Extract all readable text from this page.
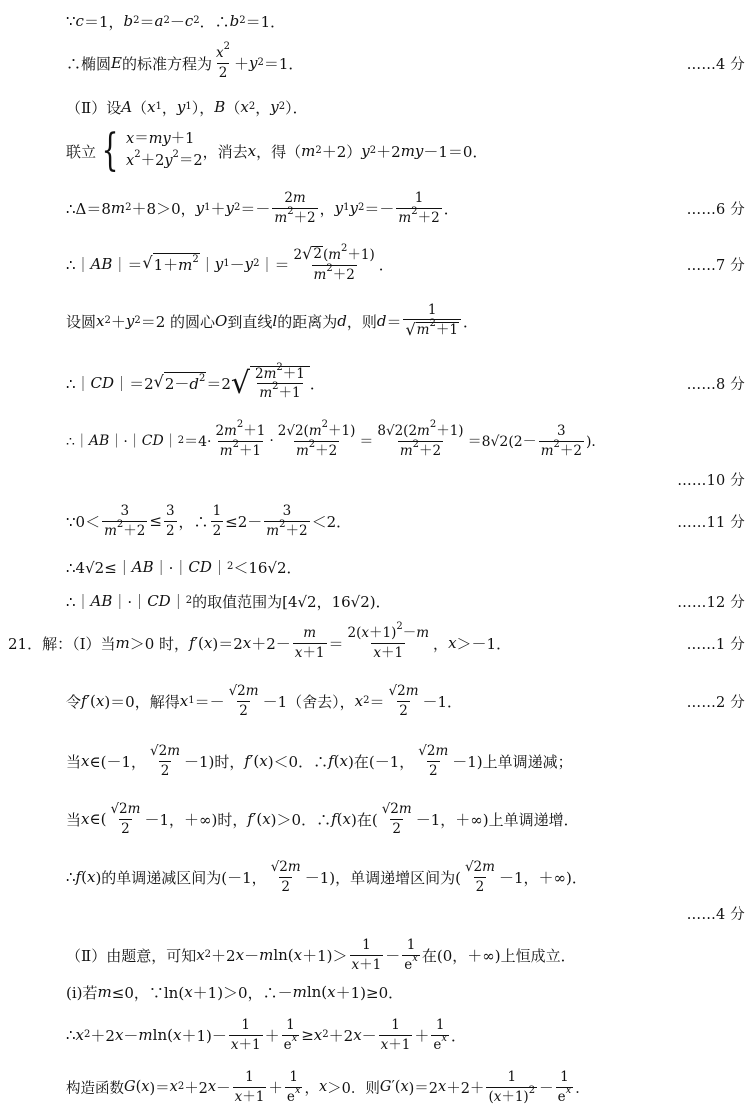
∵ c ＝1， b 2 ＝ a 2 － c 2 ．∴ b 2 ＝1．
∴椭圆 E 的标准方程为 $\frac{x^2}{2} + y$ 2 ＝1．	……4 分
（Ⅱ）设 A （ x 1 ， y 1 ）， B （ x 2 ， y 2 ）．
联立 { x＝my＋1
$x^2+2y^2=2$
，消去 x ，得（ m 2 ＋2） y 2 ＋2 my －1＝0．
∴Δ＝8 m 2 ＋8＞0， y 1 ＋ y $2 =- \frac{2m}{m^2+2}$ ， y 1 y $2 =- \frac{1}{m^2+2}$ ．	……6 分
∴｜ AB ｜＝ √ $1+m^2$ ｜ y 1 － y 2 ｜＝ $\frac{2 √ 2 (m^2+1)}{m^2+2}$ ．	……7 分
设圆 x 2 ＋ y 2 ＝2 的圆心 O 到直线 l 的距离为 d ，则 $d = \frac{1}{√ m^2+1}$ ．
∴｜ CD ｜＝2 √ $2-d^2 =2$ √ $\frac{2m^2+1}{m^2+1}$ ．	……8 分
∴｜ AB ｜·｜ CD ｜ $2 =4\cdot \frac{2m^2+1}{m^2+1} \cdot \frac{2√2(m^2+1)}{m^2+2} = \frac{8√2(2m^2+1)}{m^2+2} =8√2(2- \frac{3}{m^2+2}$ )．
……10 分
∵0＜ $\frac{3}{m^2+2} \le \frac{3}{2}$ ，∴ $\frac{1}{2} \le 2- \frac{3}{m^2+2} <2$．	……11 分
∴4√2≤｜ AB ｜·｜ CD ｜ 2 ＜16√2．
∴｜ AB ｜·｜ CD ｜ 2 的取值范围为[4√2，16√2)．	……12 分
21．解：（Ⅰ）当 m ＞0 时， f ′( x )＝2 $x +2- \frac{m}{x+1} = \frac{2(x+1)^2-m}{x+1}$ ， x ＞－1．	……1 分
令 f ′( x )＝0，解得 x $1 =- \frac{√2m}{2} -1$（舍去）， x $2 = \frac{√2m}{2} -1$．	……2 分
当 x ∈(－1， $\frac{√2m}{2} -1$)时， f ′( x )＜0．∴ f ( x )在(－1， $\frac{√2m}{2} -1$)上单调递减；
当 x ∈( $\frac{√2m}{2} -1$，＋∞)时， f ′( x )＞0．∴ f ( x )在( $\frac{√2m}{2} -1$，＋∞)上单调递增．
∴ f ( x )的单调递减区间为(－1， $\frac{√2m}{2} -1$)，单调递增区间为( $\frac{√2m}{2} -1$，＋∞)．
……4 分
（Ⅱ）由题意，可知 x 2 ＋2 x － m ln( $x +1)> \frac{1}{x+1} - \frac{1}{e^x}$ 在(0，＋∞)上恒成立．
(i)若 m ≤0，∵ln( x ＋1)＞0，∴－ m ln( x ＋1)≥0．
∴ x 2 ＋2 x － m ln( $x +1)- \frac{1}{x+1} + \frac{1}{e^x} \ge x$ 2 ＋2 $x - \frac{1}{x+1} + \frac{1}{e^x}$ ．
构造函数 G ( x )＝ x 2 ＋2 $x - \frac{1}{x+1} + \frac{1}{e^x}$ ， x ＞0．则 G ′( x )＝2 $x +2+ \frac{1}{(x+1)^2} - \frac{1}{e^x}$ ．
